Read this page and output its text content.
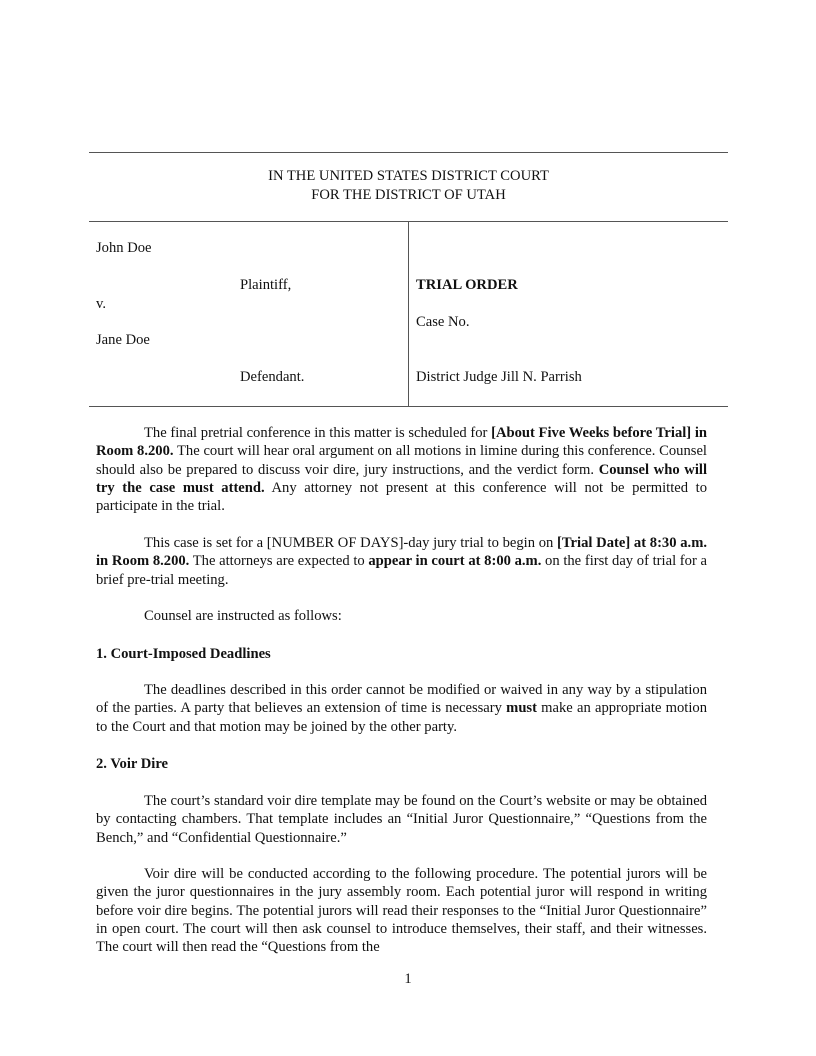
IN THE UNITED STATES DISTRICT COURT
FOR THE DISTRICT OF UTAH
John Doe
Plaintiff,
v.
Jane Doe
Defendant.
TRIAL ORDER
Case No.
District Judge Jill N. Parrish

The final pretrial conference in this matter is scheduled for [About Five Weeks before Trial] in Room 8.200. The court will hear oral argument on all motions in limine during this conference. Counsel should also be prepared to discuss voir dire, jury instructions, and the verdict form. Counsel who will try the case must attend. Any attorney not present at this conference will not be permitted to participate in the trial.

This case is set for a [NUMBER OF DAYS]-day jury trial to begin on [Trial Date] at 8:30 a.m. in Room 8.200. The attorneys are expected to appear in court at 8:00 a.m. on the first day of trial for a brief pre-trial meeting.

Counsel are instructed as follows:

1. Court-Imposed Deadlines

The deadlines described in this order cannot be modified or waived in any way by a stipulation of the parties. A party that believes an extension of time is necessary must make an appropriate motion to the Court and that motion may be joined by the other party.

2. Voir Dire

The court’s standard voir dire template may be found on the Court’s website or may be obtained by contacting chambers. That template includes an “Initial Juror Questionnaire,” “Questions from the Bench,” and “Confidential Questionnaire.”

Voir dire will be conducted according to the following procedure. The potential jurors will be given the juror questionnaires in the jury assembly room. Each potential juror will respond in writing before voir dire begins. The potential jurors will read their responses to the “Initial Juror Questionnaire” in open court. The court will then ask counsel to introduce themselves, their staff, and their witnesses. The court will then read the “Questions from the

1
